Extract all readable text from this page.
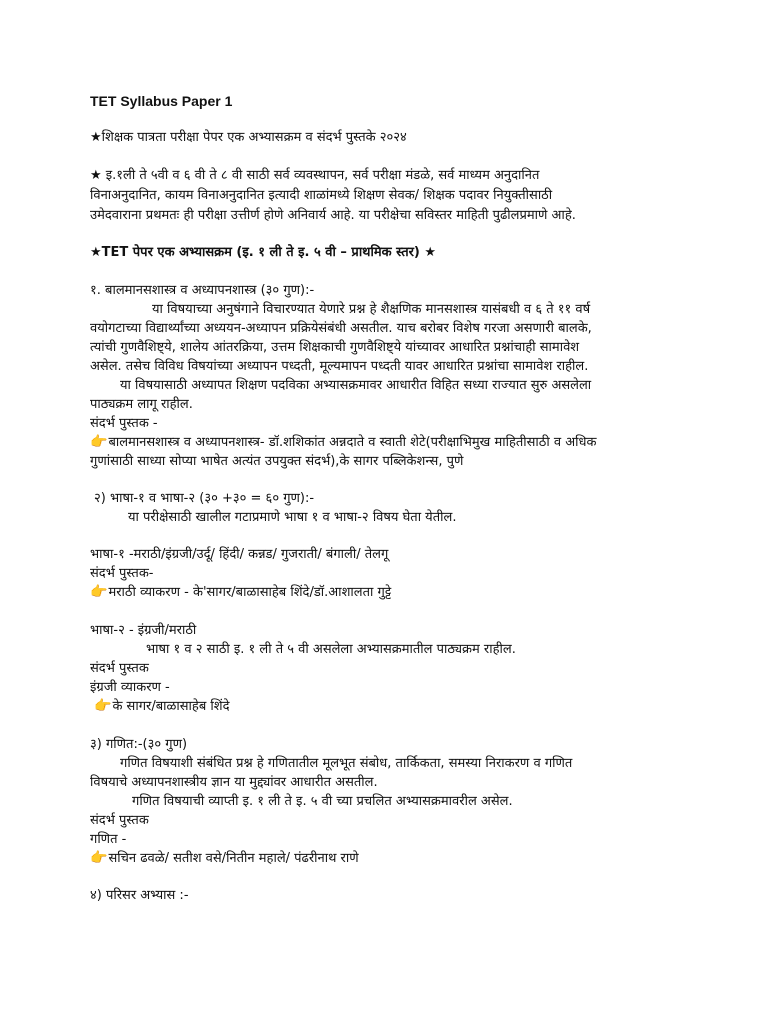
TET Syllabus Paper 1
★शिक्षक पात्रता परीक्षा पेपर एक अभ्यासक्रम व संदर्भ पुस्तके २०२४
★ इ.१ली ते ५वी व ६ वी ते ८ वी साठी सर्व व्यवस्थापन, सर्व परीक्षा मंडळे, सर्व माध्यम अनुदानित
विनाअनुदानित, कायम विनाअनुदानित इत्यादी शाळांमध्ये शिक्षण सेवक/ शिक्षक पदावर नियुक्तीसाठी
उमेदवाराना प्रथमतः ही परीक्षा उत्तीर्ण होणे अनिवार्य आहे. या परीक्षेचा सविस्तर माहिती पुढीलप्रमाणे आहे.
★TET पेपर एक अभ्यासक्रम (इ. १ ली ते इ. ५ वी – प्राथमिक स्तर) ★
१. बालमानसशास्त्र व अध्यापनशास्त्र (३० गुण):-
या विषयाच्या अनुषंगाने विचारण्यात येणारे प्रश्न हे शैक्षणिक मानसशास्त्र यासंबधी व ६ ते ११ वर्ष
वयोगटाच्या विद्यार्थ्यांच्या अध्ययन-अध्यापन प्रक्रियेसंबंधी असतील. याच बरोबर विशेष गरजा असणारी बालके,
त्यांची गुणवैशिष्ट्ये, शालेय आंतरक्रिया, उत्तम शिक्षकाची गुणवैशिष्ट्ये यांच्यावर आधारित प्रश्नांचाही सामावेश
असेल. तसेच विविध विषयांच्या अध्यापन पध्दती, मूल्यमापन पध्दती यावर आधारित प्रश्नांचा सामावेश राहील.
या विषयासाठी अध्यापत शिक्षण पदविका अभ्यासक्रमावर आधारीत विहित सध्या राज्यात सुरु असलेला
पाठ्यक्रम लागू राहील.
संदर्भ पुस्तक -
👉बालमानसशास्त्र व अध्यापनशास्त्र- डॉ.शशिकांत अन्नदाते व स्वाती शेटे(परीक्षाभिमुख माहितीसाठी व अधिक
गुणांसाठी साध्या सोप्या भाषेत अत्यंत उपयुक्त संदर्भ),के सागर पब्लिकेशन्स, पुणे
२) भाषा-१ व भाषा-२ (३० +३० = ६० गुण):-
या परीक्षेसाठी खालील गटाप्रमाणे भाषा १ व भाषा-२ विषय घेता येतील.
भाषा-१ -मराठी/इंग्रजी/उर्दू/ हिंदी/ कन्नड/ गुजराती/ बंगाली/ तेलगू
संदर्भ पुस्तक-
👉मराठी व्याकरण - के'सागर/बाळासाहेब शिंदे/डॉ.आशालता गुट्टे
भाषा-२ - इंग्रजी/मराठी
भाषा १ व २ साठी इ. १ ली ते ५ वी असलेला अभ्यासक्रमातील पाठ्यक्रम राहील.
संदर्भ पुस्तक
इंग्रजी व्याकरण -
👉के सागर/बाळासाहेब शिंदे
३) गणित:-(३० गुण)
गणित विषयाशी संबंधित प्रश्न हे गणितातील मूलभूत संबोध, तार्किकता, समस्या निराकरण व गणित
विषयाचे अध्यापनशास्त्रीय ज्ञान या मुद्द्यांवर आधारीत असतील.
गणित विषयाची व्याप्ती इ. १ ली ते इ. ५ वी च्या प्रचलित अभ्यासक्रमावरील असेल.
संदर्भ पुस्तक
गणित -
👉सचिन ढवळे/ सतीश वसे/नितीन महाले/ पंढरीनाथ राणे
४) परिसर अभ्यास :-
